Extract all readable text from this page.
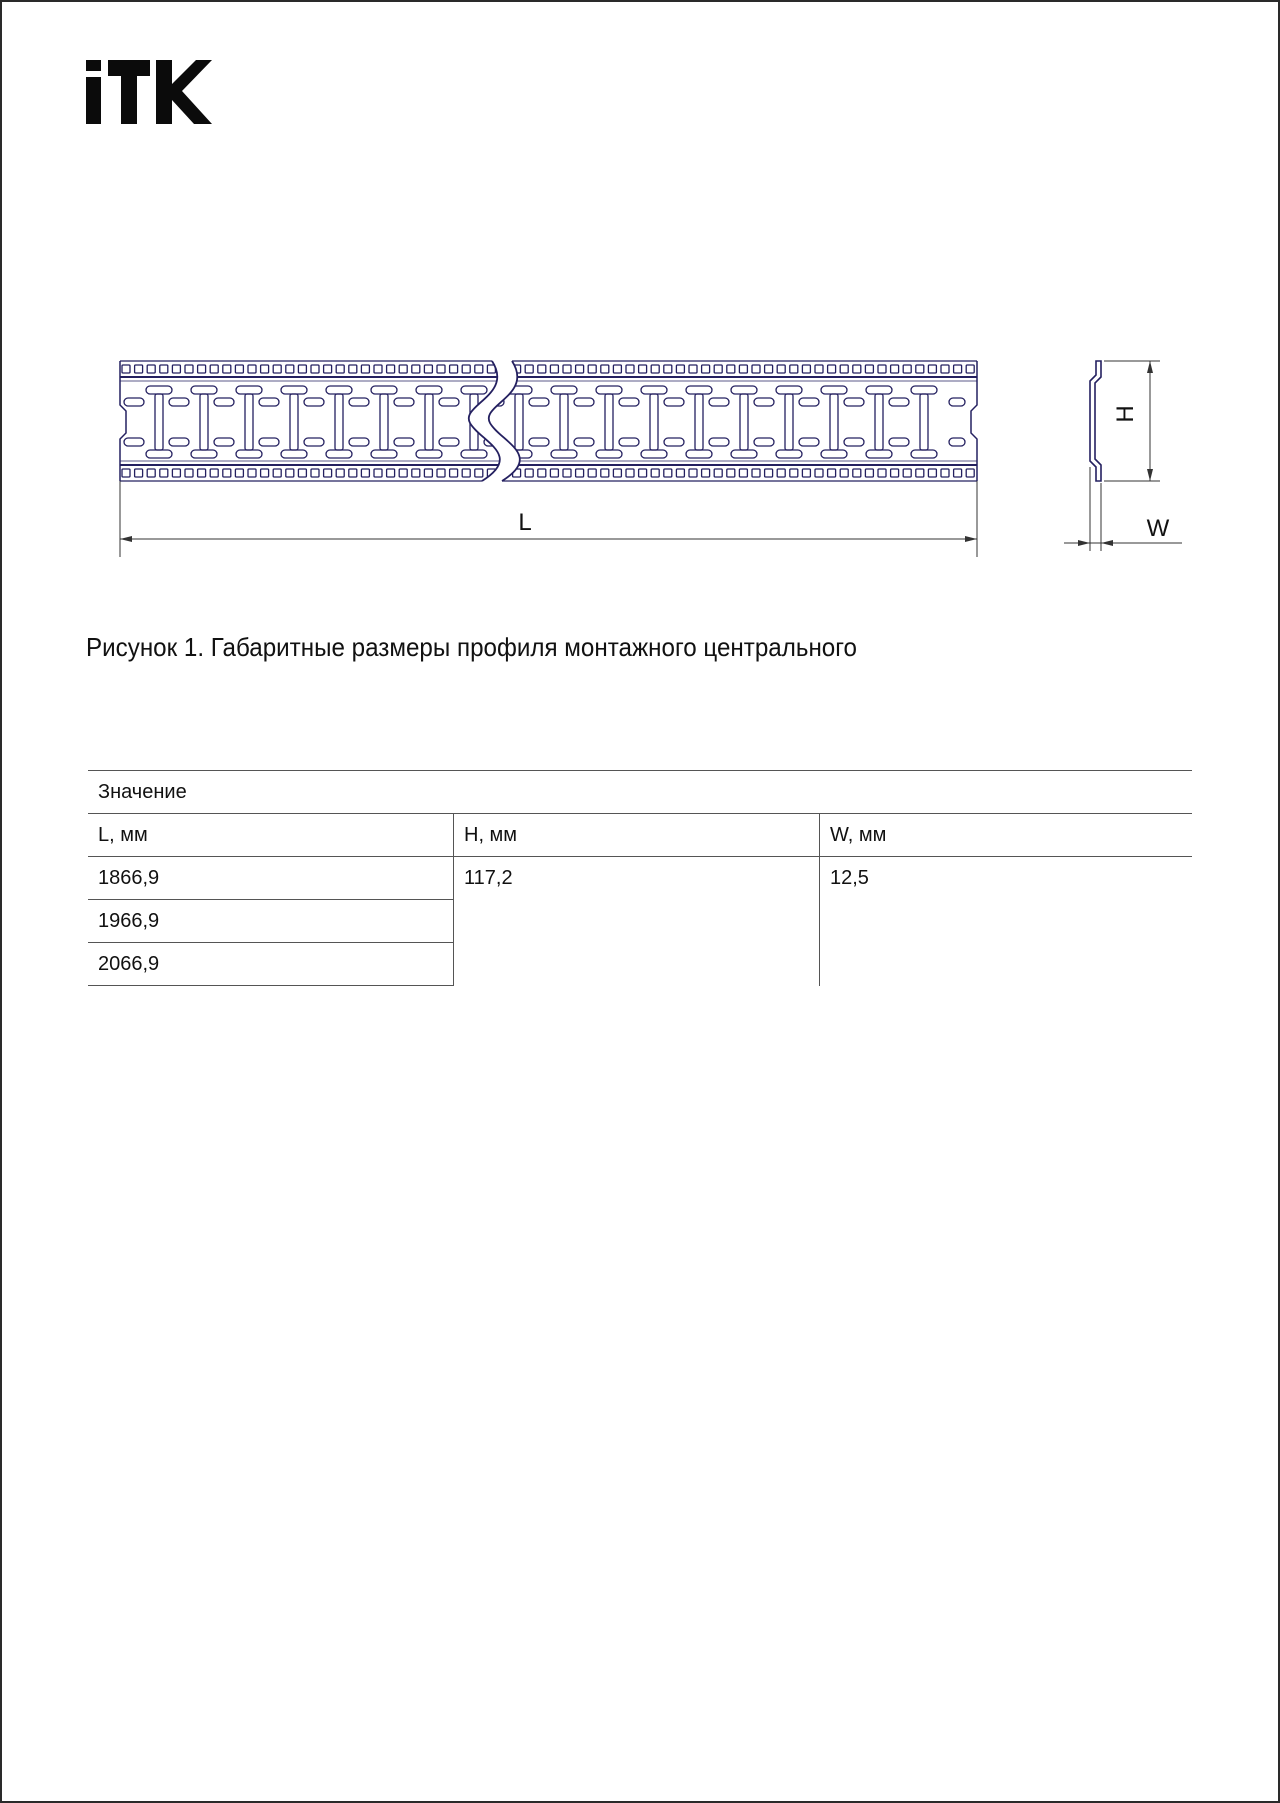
L
H
W
Рисунок 1. Габаритные размеры профиля монтажного центрального
Значение		
L, мм	H, мм	W, мм
1866,9	117,2	12,5
1966,9		
2066,9		
